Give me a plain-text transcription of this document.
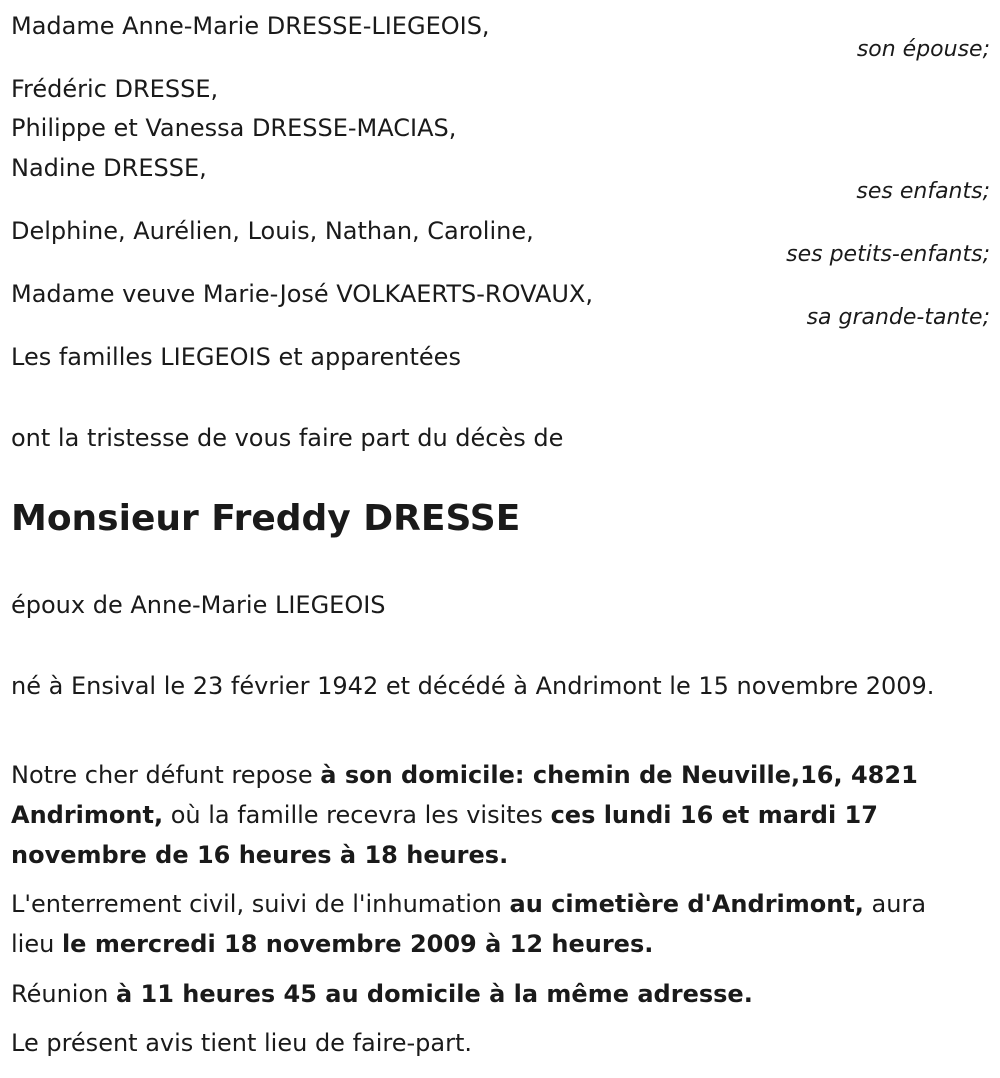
Madame Anne-Marie DRESSE-LIEGEOIS,
son épouse;
Frédéric DRESSE,
Philippe et Vanessa DRESSE-MACIAS,
Nadine DRESSE,
ses enfants;
Delphine, Aurélien, Louis, Nathan, Caroline,
ses petits-enfants;
Madame veuve Marie-José VOLKAERTS-ROVAUX,
sa grande-tante;
Les familles LIEGEOIS et apparentées
ont la tristesse de vous faire part du décès de
Monsieur Freddy DRESSE
époux de Anne-Marie LIEGEOIS
né à Ensival le 23 février 1942 et décédé à Andrimont le 15 novembre 2009.
Notre cher défunt repose à son domicile: chemin de Neuville,16, 4821 Andrimont, où la famille recevra les visites ces lundi 16 et mardi 17 novembre de 16 heures à 18 heures.
L'enterrement civil, suivi de l'inhumation au cimetière d'Andrimont, aura lieu le mercredi 18 novembre 2009 à 12 heures.
Réunion à 11 heures 45 au domicile à la même adresse.
Le présent avis tient lieu de faire-part.
